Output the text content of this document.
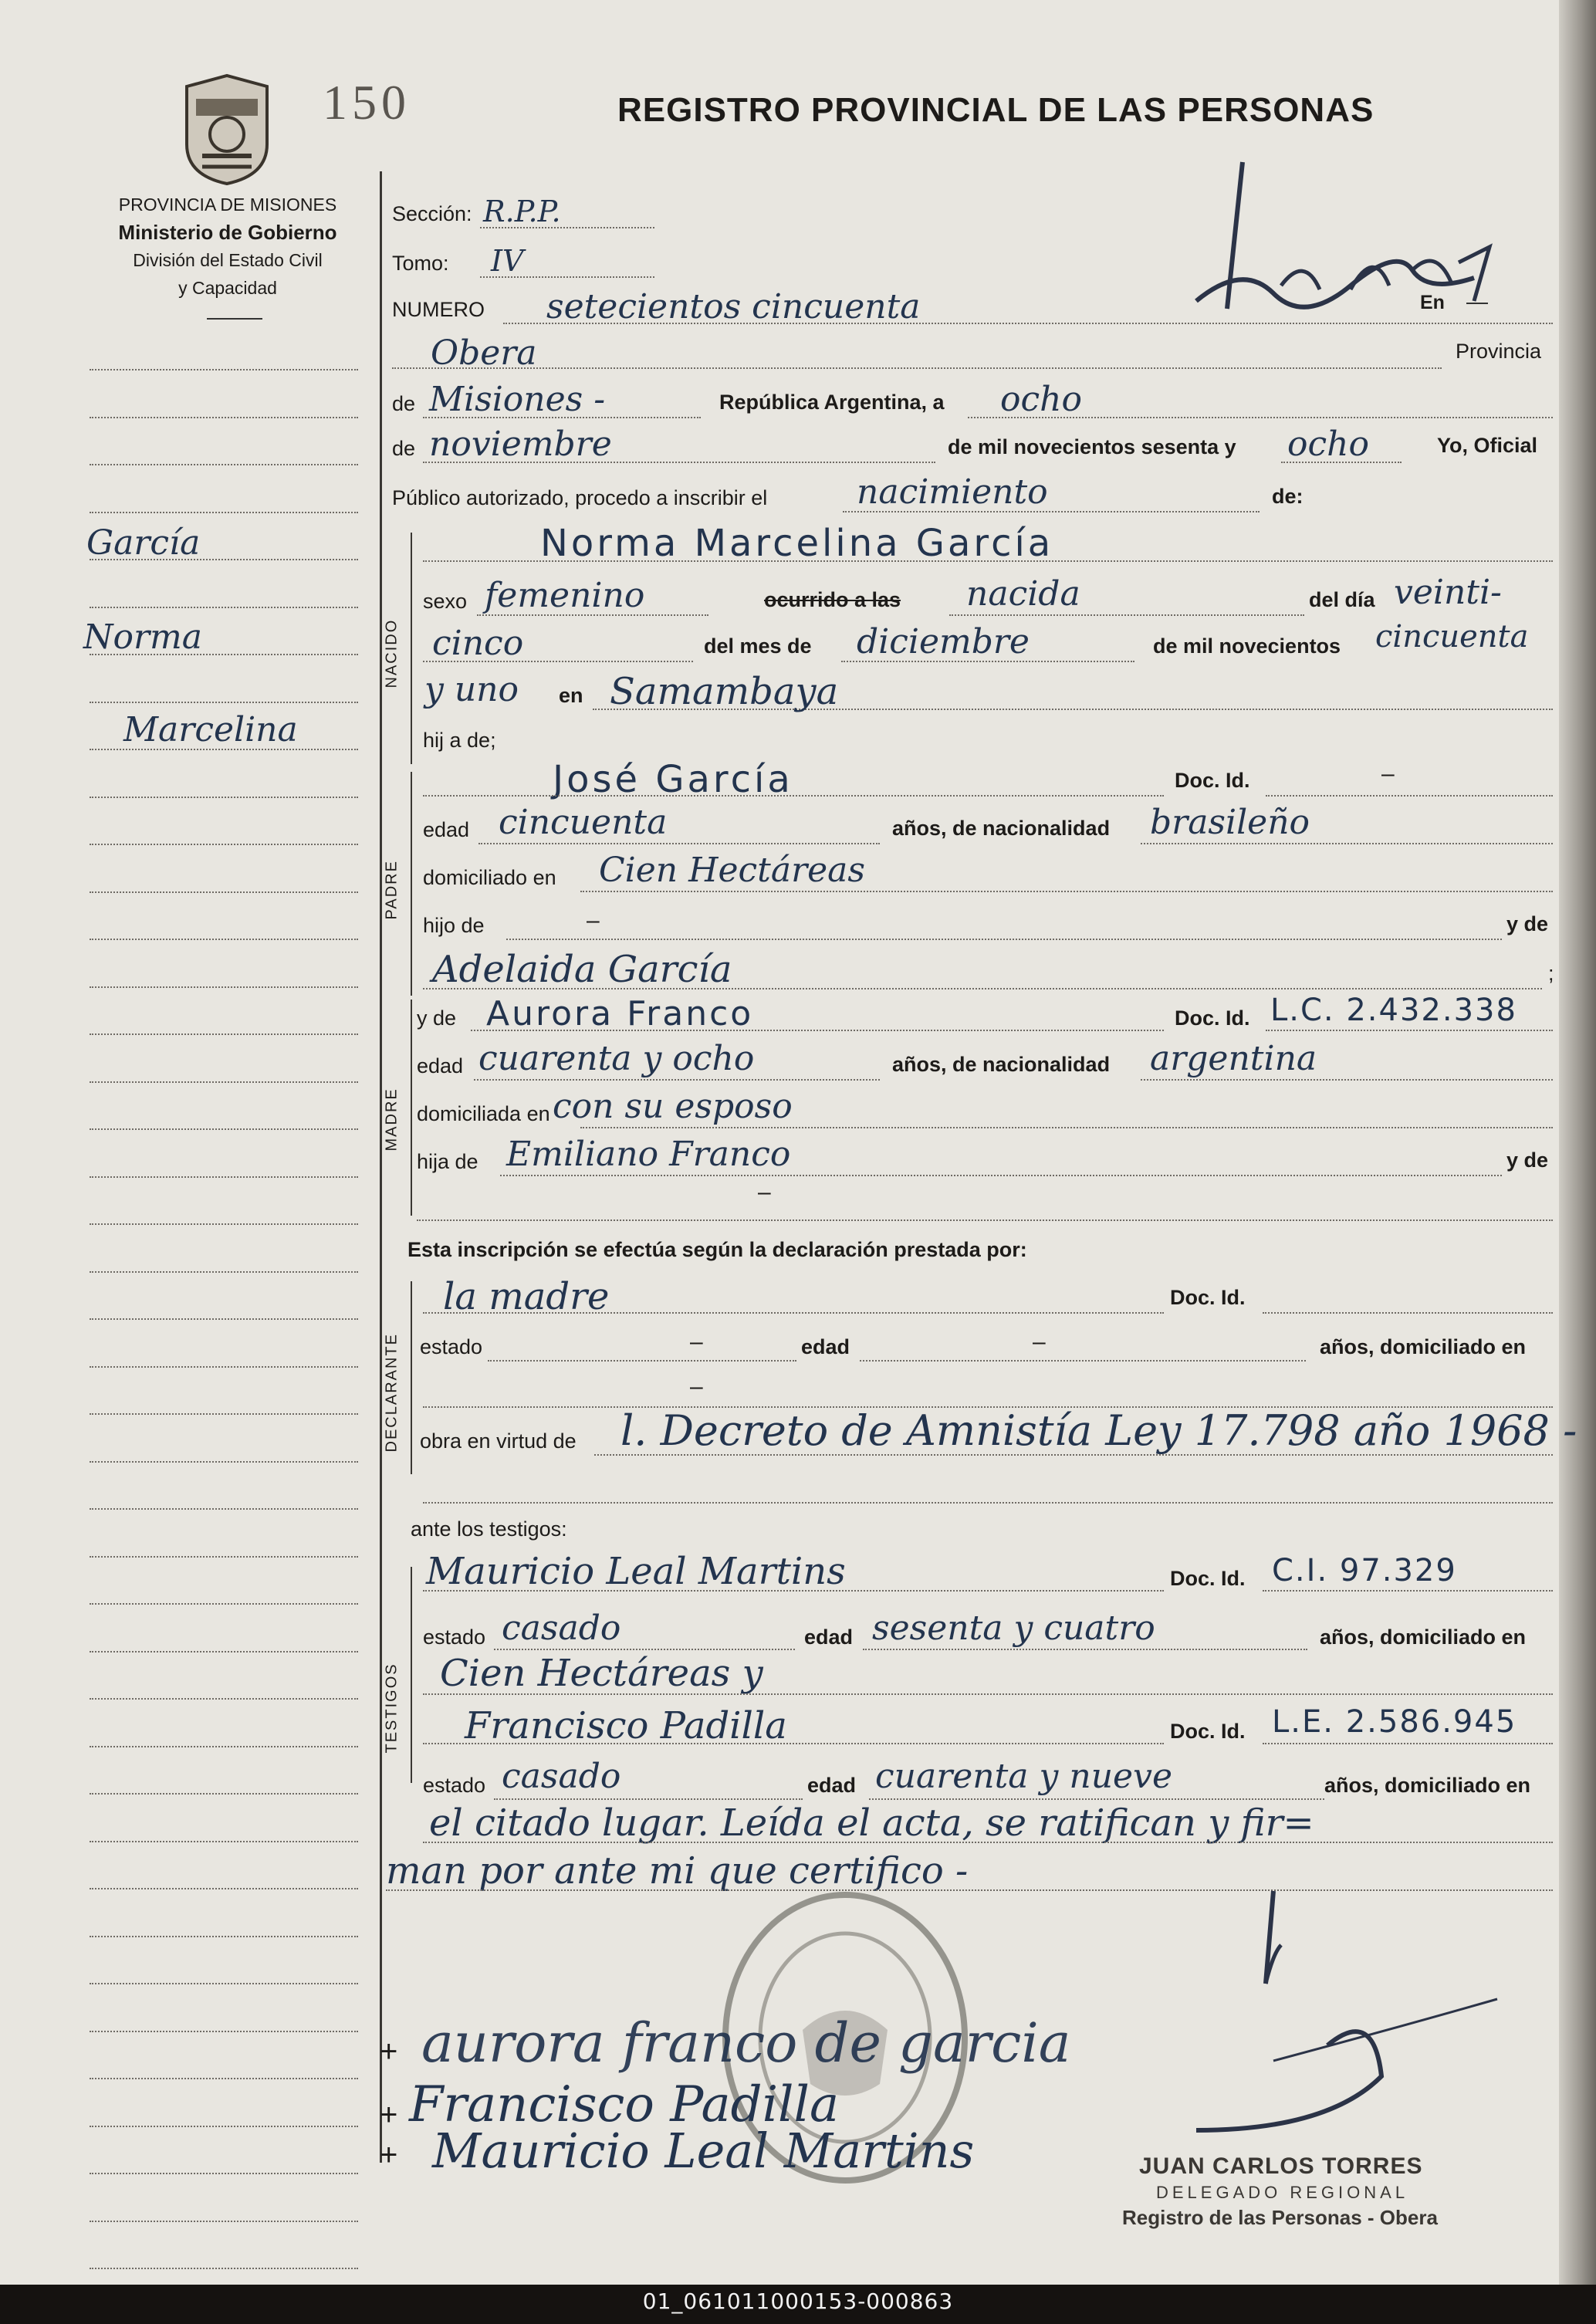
150	REGISTRO PROVINCIAL DE LAS PERSONAS
PROVINCIA DE MISIONES
Ministerio de Gobierno
División del Estado Civil
y Capacidad
García
Norma
Marcelina
NACIDO
PADRE
MADRE
DECLARANTE
TESTIGOS
Sección: R.P.P.
Tomo: IV
NUMERO setecientos cincuenta	En
Obera	Provincia
de Misiones -	República Argentina, a ocho
de noviembre	de mil novecientos sesenta y ocho	Yo, Oficial
Público autorizado, procedo a inscribir el	nacimiento	de:
Norma Marcelina García
sexo femenino	ocurrido a las nacida	del día veinti-
cinco	del mes de diciembre	de mil novecientos cincuenta
y uno en Samambaya
hij a de;
José García	Doc. Id.	–
edad cincuenta	años, de nacionalidad brasileño
domiciliado en Cien Hectáreas
hijo de	–	y de
Adelaida García	;
y de Aurora Franco	Doc. Id. L.C. 2.432.338
edad cuarenta y ocho	años, de nacionalidad argentina
domiciliada en con su esposo
hija de Emiliano Franco	y de
–
Esta inscripción se efectúa según la declaración prestada por:
la madre	Doc. Id.
estado	–	edad	–	años, domiciliado en
–
obra en virtud de l. Decreto de Amnistía Ley 17.798 año 1968 -
ante los testigos:
Mauricio Leal Martins	Doc. Id. C.I. 97.329
estado casado	edad sesenta y cuatro	años, domiciliado en
Cien Hectáreas y
Francisco Padilla	Doc. Id. L.E. 2.586.945
estado casado	edad cuarenta y nueve	años, domiciliado en
el citado lugar. Leída el acta, se ratifican y fir=
man por ante mi que certifico -
aurora franco de garcia
Francisco Padilla
Mauricio Leal Martins
+
+
+	JUAN CARLOS TORRES
DELEGADO REGIONAL
Registro de las Personas - Obera
01_061011000153-000863
